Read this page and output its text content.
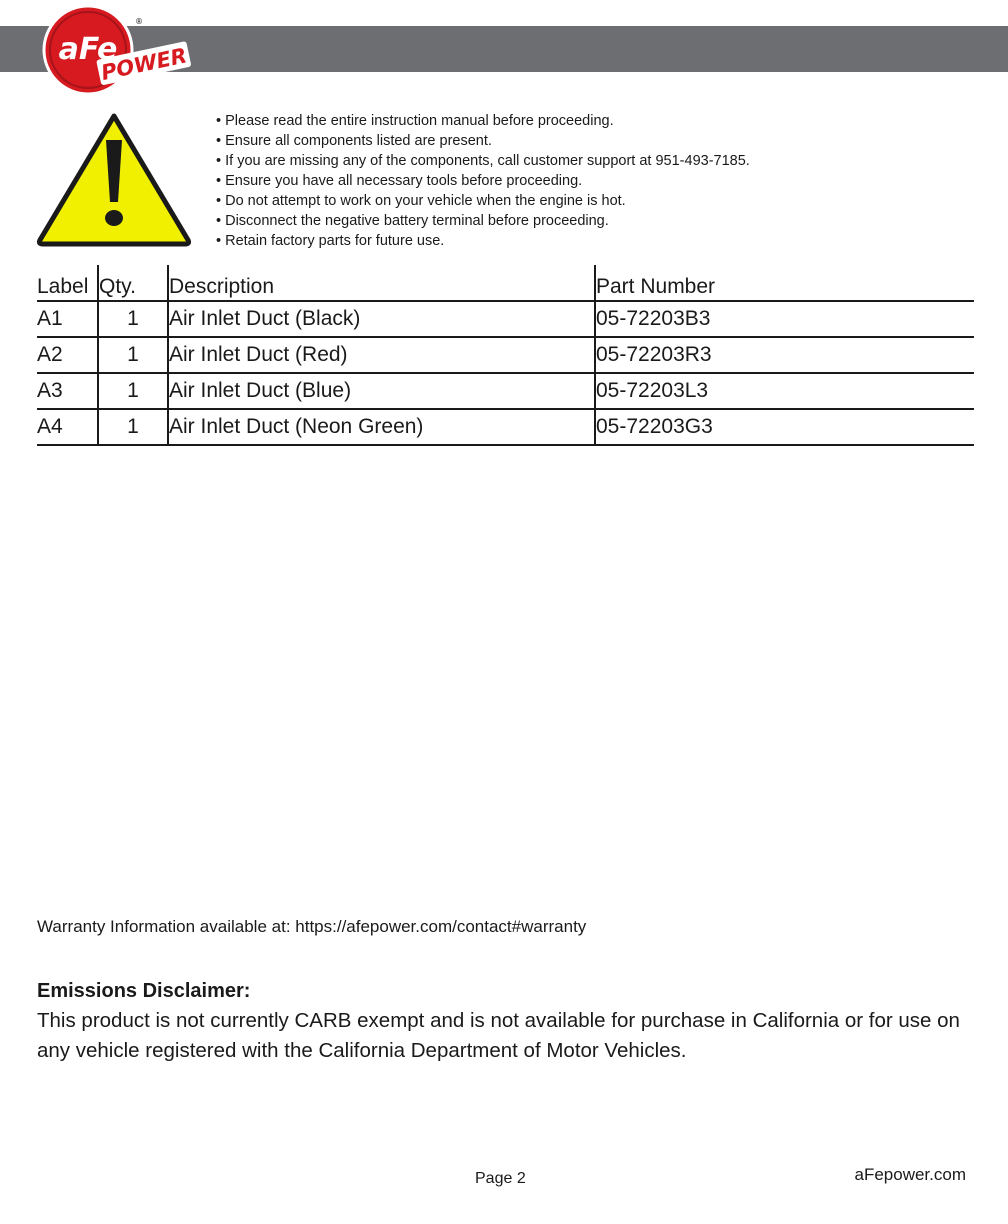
aFe
POWER
®
• Please read the entire instruction manual before proceeding.
• Ensure all components listed are present.
• If you are missing any of the components, call customer support at 951-493-7185.
• Ensure you have all necessary tools before proceeding.
• Do not attempt to work on your vehicle when the engine is hot.
• Disconnect the negative battery terminal before proceeding.
• Retain factory parts for future use.
Label	Qty.	Description	Part Number
A1	1	Air Inlet Duct (Black)	05-72203B3
A2	1	Air Inlet Duct (Red)	05-72203R3
A3	1	Air Inlet Duct (Blue)	05-72203L3
A4	1	Air Inlet Duct (Neon Green)	05-72203G3
Warranty Information available at: https://afepower.com/contact#warranty
Emissions Disclaimer:

This product is not currently CARB exempt and is not available for purchase in California or for use on any vehicle registered with the California Department of Motor Vehicles.

Page 2	aFepower.com
